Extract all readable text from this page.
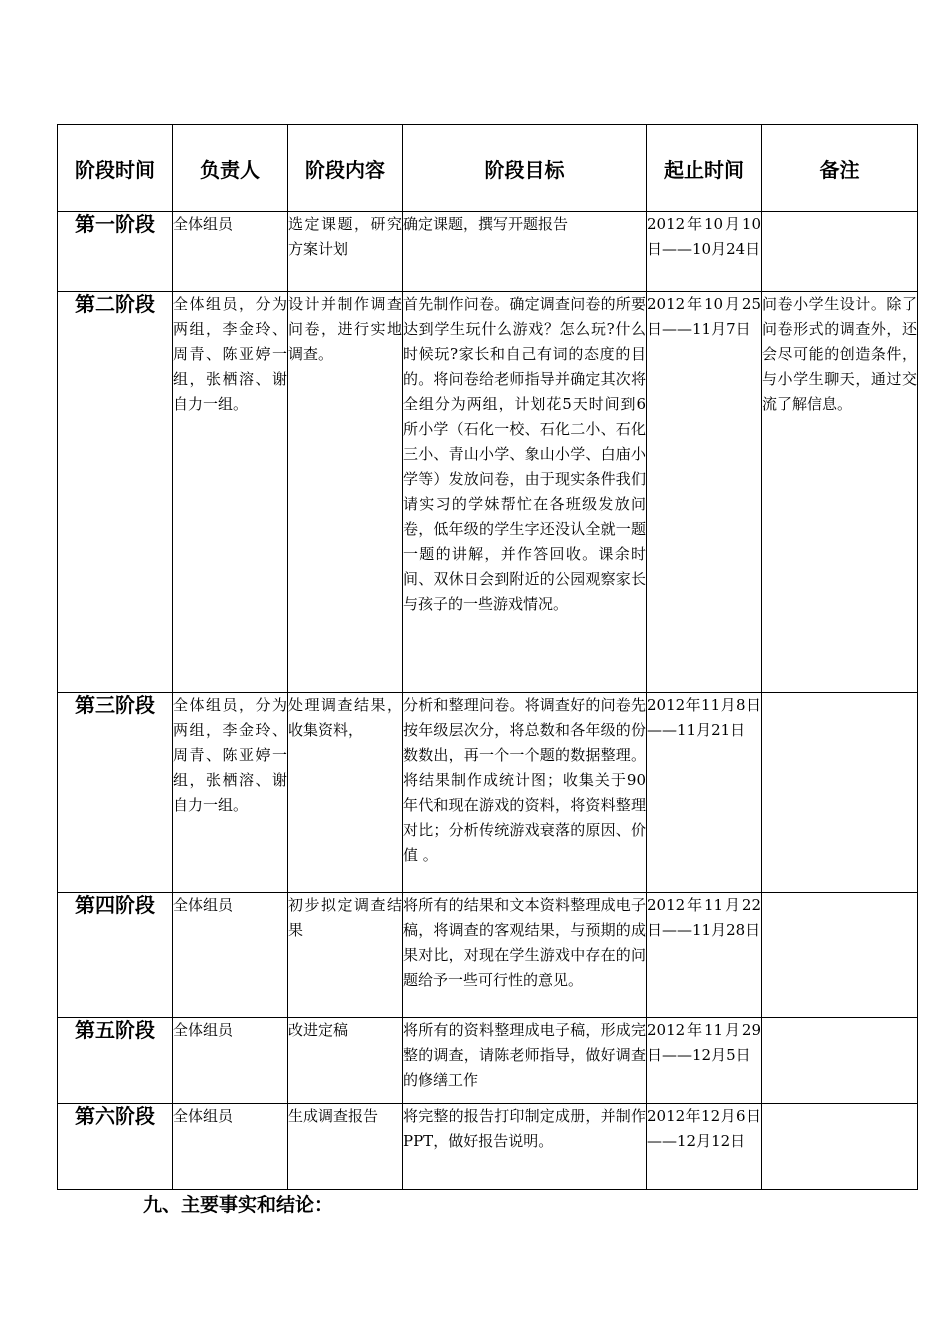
阶段时间	负责人	阶段内容	阶段目标	起止时间	备注
第一阶段	全体组员	选定课题，研究方案计划	确定课题，撰写开题报告	2012年10月10日——10月24日	
第二阶段	全体组员，分为两组，李金玲、周青、陈亚婷一组，张栖溶、谢自力一组。	设计并制作调查问卷，进行实地调查。	首先制作问卷。确定调查问卷的所要达到学生玩什么游戏？怎么玩?什么时候玩?家长和自己有词的态度的目的。将问卷给老师指导并确定其次将全组分为两组，计划花5天时间到6所小学（石化一校、石化二小、石化三小、青山小学、象山小学、白庙小学等）发放问卷，由于现实条件我们请实习的学妹帮忙在各班级发放问卷，低年级的学生字还没认全就一题一题的讲解，并作答回收。课余时间、双休日会到附近的公园观察家长与孩子的一些游戏情况。	2012年10月25日——11月7日	问卷小学生设计。除了问卷形式的调查外，还会尽可能的创造条件，与小学生聊天，通过交流了解信息。
第三阶段	全体组员，分为两组，李金玲、周青、陈亚婷一组，张栖溶、谢自力一组。	处理调查结果，收集资料，	分析和整理问卷。将调查好的问卷先按年级层次分，将总数和各年级的份数数出，再一个一个题的数据整理。将结果制作成统计图；收集关于90年代和现在游戏的资料，将资料整理对比；分析传统游戏衰落的原因、价值 。	2012年11月8日——11月21日	
第四阶段	全体组员	初步拟定调查结果	将所有的结果和文本资料整理成电子稿，将调查的客观结果，与预期的成果对比，对现在学生游戏中存在的问题给予一些可行性的意见。	2012年11月22日——11月28日	
第五阶段	全体组员	改进定稿	将所有的资料整理成电子稿，形成完整的调查，请陈老师指导，做好调查的修缮工作	2012年11月29日——12月5日	
第六阶段	全体组员	生成调查报告	将完整的报告打印制定成册，并制作PPT，做好报告说明。	2012年12月6日——12月12日	
九、主要事实和结论：
